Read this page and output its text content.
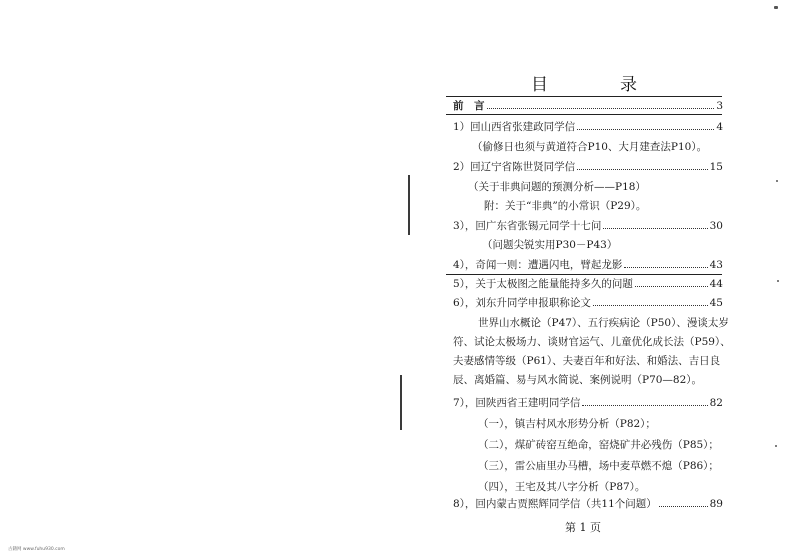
目	录
前　言	3
1）回山西省张建政同学信	4
（偷修日也须与黄道符合P10、大月建查法P10）。
2）回辽宁省陈世贤同学信	15
（关于非典问题的预测分析——P18）
附：关于“非典”的小常识（P29）。
3），回广东省张锡元同学十七问	30
（问题尖锐实用P30－P43）
4），奇闻一则：遭遇闪电，臂起龙影	43
5），关于太极图之能量能持多久的问题	44
6），刘东升同学申报职称论文	45
世界山水概论（P47）、五行疾病论（P50）、漫谈太岁
符、试论太极场力、谈财官运气、儿童优化成长法（P59）、
夫妻感情等级（P61）、夫妻百年和好法、和婚法、吉日良
辰、离婚篇、易与风水简说、案例说明（P70—82）。
7），回陕西省王建明同学信	82
（一），镇吉村风水形势分析（P82）；
（二），煤矿砖窑互绝命，窑烧矿井必残伤（P85）；
（三），雷公庙里办马槽，场中麦草燃不熄（P86）；
（四），王宅及其八字分析（P87）。
8），回内蒙古贾熙辉同学信（共11个问题）	89
第 1 页
古籍网 www.fuhu930.com
